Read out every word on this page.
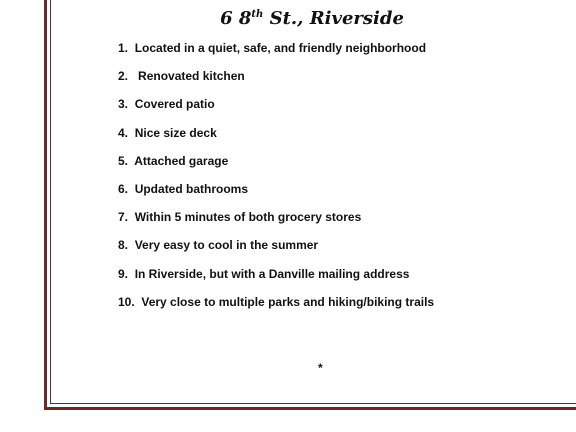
6 8th St., Riverside
1. Located in a quiet, safe, and friendly neighborhood
2.   Renovated kitchen
3. Covered patio
4. Nice size deck
5. Attached garage
6. Updated bathrooms
7. Within 5 minutes of both grocery stores
8. Very easy to cool in the summer
9. In Riverside, but with a Danville mailing address
10. Very close to multiple parks and hiking/biking trails
*
